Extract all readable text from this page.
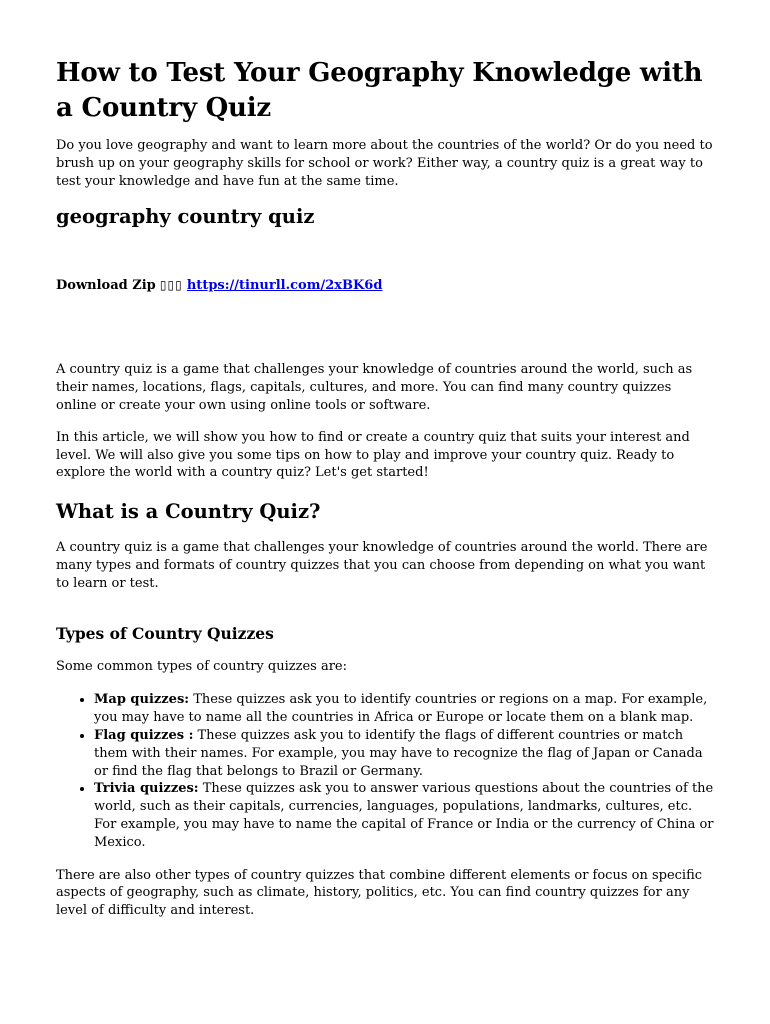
How to Test Your Geography Knowledge with a Country Quiz

Do you love geography and want to learn more about the countries of the world? Or do you need to brush up on your geography skills for school or work? Either way, a country quiz is a great way to test your knowledge and have fun at the same time.

geography country quiz
Download Zip ▯▯▯ https://tinurll.com/2xBK6d

A country quiz is a game that challenges your knowledge of countries around the world, such as their names, locations, flags, capitals, cultures, and more. You can find many country quizzes online or create your own using online tools or software.

In this article, we will show you how to find or create a country quiz that suits your interest and level. We will also give you some tips on how to play and improve your country quiz. Ready to explore the world with a country quiz? Let's get started!

What is a Country Quiz?

A country quiz is a game that challenges your knowledge of countries around the world. There are many types and formats of country quizzes that you can choose from depending on what you want to learn or test.

Types of Country Quizzes

Some common types of country quizzes are:

• Map quizzes: These quizzes ask you to identify countries or regions on a map. For example, you may have to name all the countries in Africa or Europe or locate them on a blank map.
• Flag quizzes : These quizzes ask you to identify the flags of different countries or match them with their names. For example, you may have to recognize the flag of Japan or Canada or find the flag that belongs to Brazil or Germany.
• Trivia quizzes: These quizzes ask you to answer various questions about the countries of the world, such as their capitals, currencies, languages, populations, landmarks, cultures, etc. For example, you may have to name the capital of France or India or the currency of China or Mexico.

There are also other types of country quizzes that combine different elements or focus on specific aspects of geography, such as climate, history, politics, etc. You can find country quizzes for any level of difficulty and interest.
